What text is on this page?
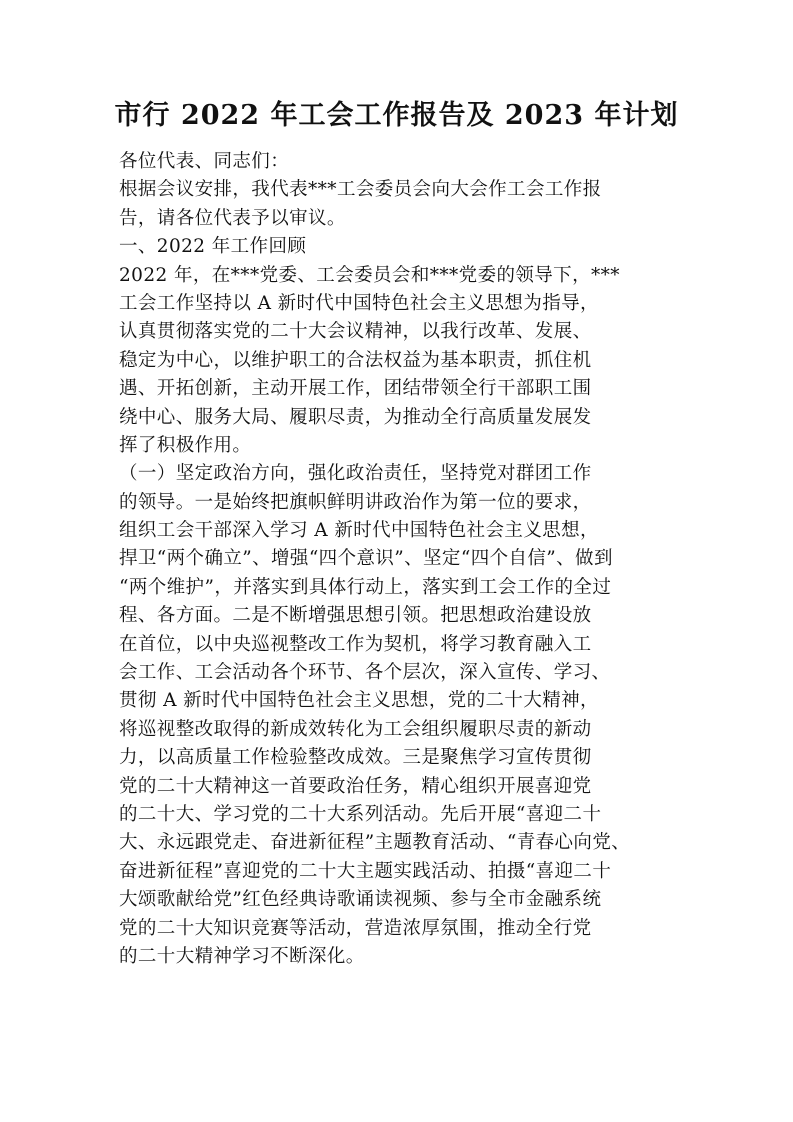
市行 2022 年工会工作报告及 2023 年计划
各位代表、同志们：
根据会议安排，我代表***工会委员会向大会作工会工作报
告，请各位代表予以审议。
一、2022 年工作回顾
2022 年，在***党委、工会委员会和***党委的领导下，***
工会工作坚持以 A 新时代中国特色社会主义思想为指导，
认真贯彻落实党的二十大会议精神，以我行改革、发展、
稳定为中心，以维护职工的合法权益为基本职责，抓住机
遇、开拓创新，主动开展工作，团结带领全行干部职工围
绕中心、服务大局、履职尽责，为推动全行高质量发展发
挥了积极作用。
（一）坚定政治方向，强化政治责任，坚持党对群团工作
的领导。一是始终把旗帜鲜明讲政治作为第一位的要求，
组织工会干部深入学习 A 新时代中国特色社会主义思想，
捍卫“两个确立”、增强“四个意识”、坚定“四个自信”、做到
“两个维护”，并落实到具体行动上，落实到工会工作的全过
程、各方面。二是不断增强思想引领。把思想政治建设放
在首位，以中央巡视整改工作为契机，将学习教育融入工
会工作、工会活动各个环节、各个层次，深入宣传、学习、
贯彻 A 新时代中国特色社会主义思想，党的二十大精神，
将巡视整改取得的新成效转化为工会组织履职尽责的新动
力，以高质量工作检验整改成效。三是聚焦学习宣传贯彻
党的二十大精神这一首要政治任务，精心组织开展喜迎党
的二十大、学习党的二十大系列活动。先后开展“喜迎二十
大、永远跟党走、奋进新征程”主题教育活动、“青春心向党、
奋进新征程”喜迎党的二十大主题实践活动、拍摄“喜迎二十
大颂歌献给党”红色经典诗歌诵读视频、参与全市金融系统
党的二十大知识竞赛等活动，营造浓厚氛围，推动全行党
的二十大精神学习不断深化。
